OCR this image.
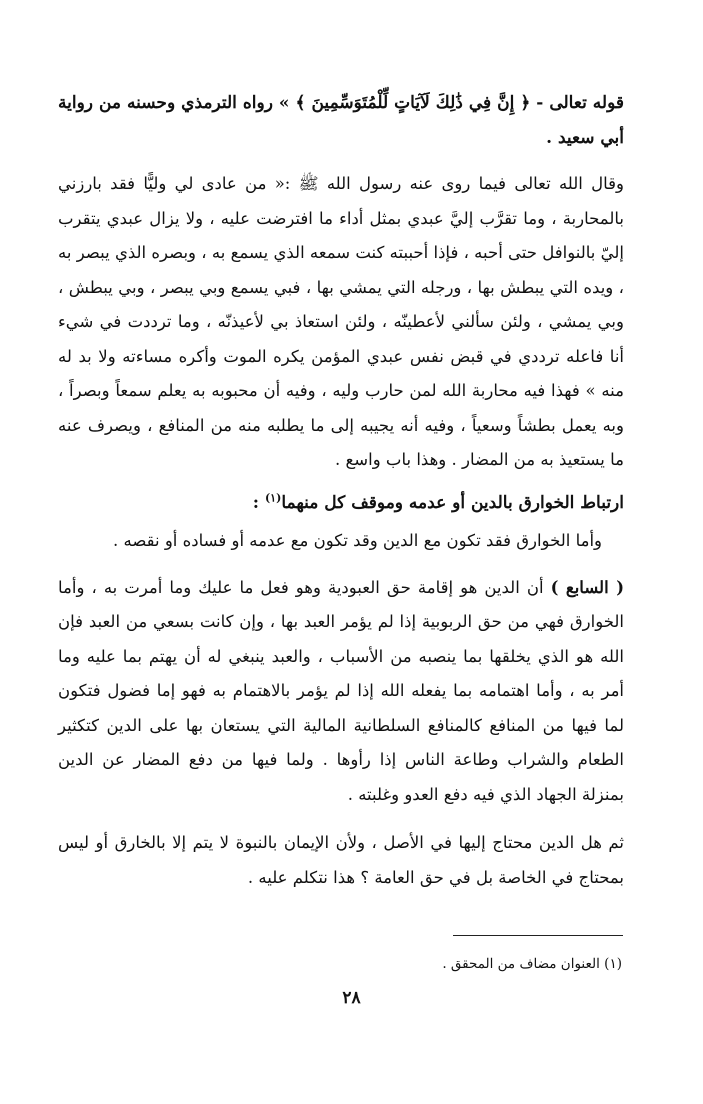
قوله تعالى - ﴿ إِنَّ فِي ذَٰلِكَ لَآيَاتٍ لِّلْمُتَوَسِّمِينَ ﴾ » رواه الترمذي وحسنه من رواية أبي سعيد .

وقال الله تعالى فيما روى عنه رسول الله ﷺ :« من عادى لي وليًّا فقد بارزني بالمحاربة ، وما تقرَّب إليَّ عبدي بمثل أداء ما افترضت عليه ، ولا يزال عبدي يتقرب إليّ بالنوافل حتى أحبه ، فإذا أحببته كنت سمعه الذي يسمع به ، وبصره الذي يبصر به ، ويده التي يبطش بها ، ورجله التي يمشي بها ، فبي يسمع وبي يبصر ، وبي يبطش ، وبي يمشي ، ولئن سألني لأعطينّه ، ولئن استعاذ بي لأعيذنّه ، وما ترددت في شيء أنا فاعله ترددي في قبض نفس عبدي المؤمن يكره الموت وأكره مساءته ولا بد له منه » فهذا فيه محاربة الله لمن حارب وليه ، وفيه أن محبوبه به يعلم سمعاً وبصراً ، وبه يعمل بطشاً وسعياً ، وفيه أنه يجيبه إلى ما يطلبه منه من المنافع ، ويصرف عنه ما يستعيذ به من المضار . وهذا باب واسع .

ارتباط الخوارق بالدين أو عدمه وموقف كل منهما$^{(١)}$ :

وأما الخوارق فقد تكون مع الدين وقد تكون مع عدمه أو فساده أو نقصه .

( السابع ) أن الدين هو إقامة حق العبودية وهو فعل ما عليك وما أمرت به ، وأما الخوارق فهي من حق الربوبية إذا لم يؤمر العبد بها ، وإن كانت بسعي من العبد فإن الله هو الذي يخلقها بما ينصبه من الأسباب ، والعبد ينبغي له أن يهتم بما عليه وما أمر به ، وأما اهتمامه بما يفعله الله إذا لم يؤمر بالاهتمام به فهو إما فضول فتكون لما فيها من المنافع كالمنافع السلطانية المالية التي يستعان بها على الدين كتكثير الطعام والشراب وطاعة الناس إذا رأوها . ولما فيها من دفع المضار عن الدين بمنزلة الجهاد الذي فيه دفع العدو وغلبته .

ثم هل الدين محتاج إليها في الأصل ، ولأن الإيمان بالنبوة لا يتم إلا بالخارق أو ليس بمحتاج في الخاصة بل في حق العامة ؟ هذا نتكلم عليه .

(١) العنوان مضاف من المحقق .
٢٨
